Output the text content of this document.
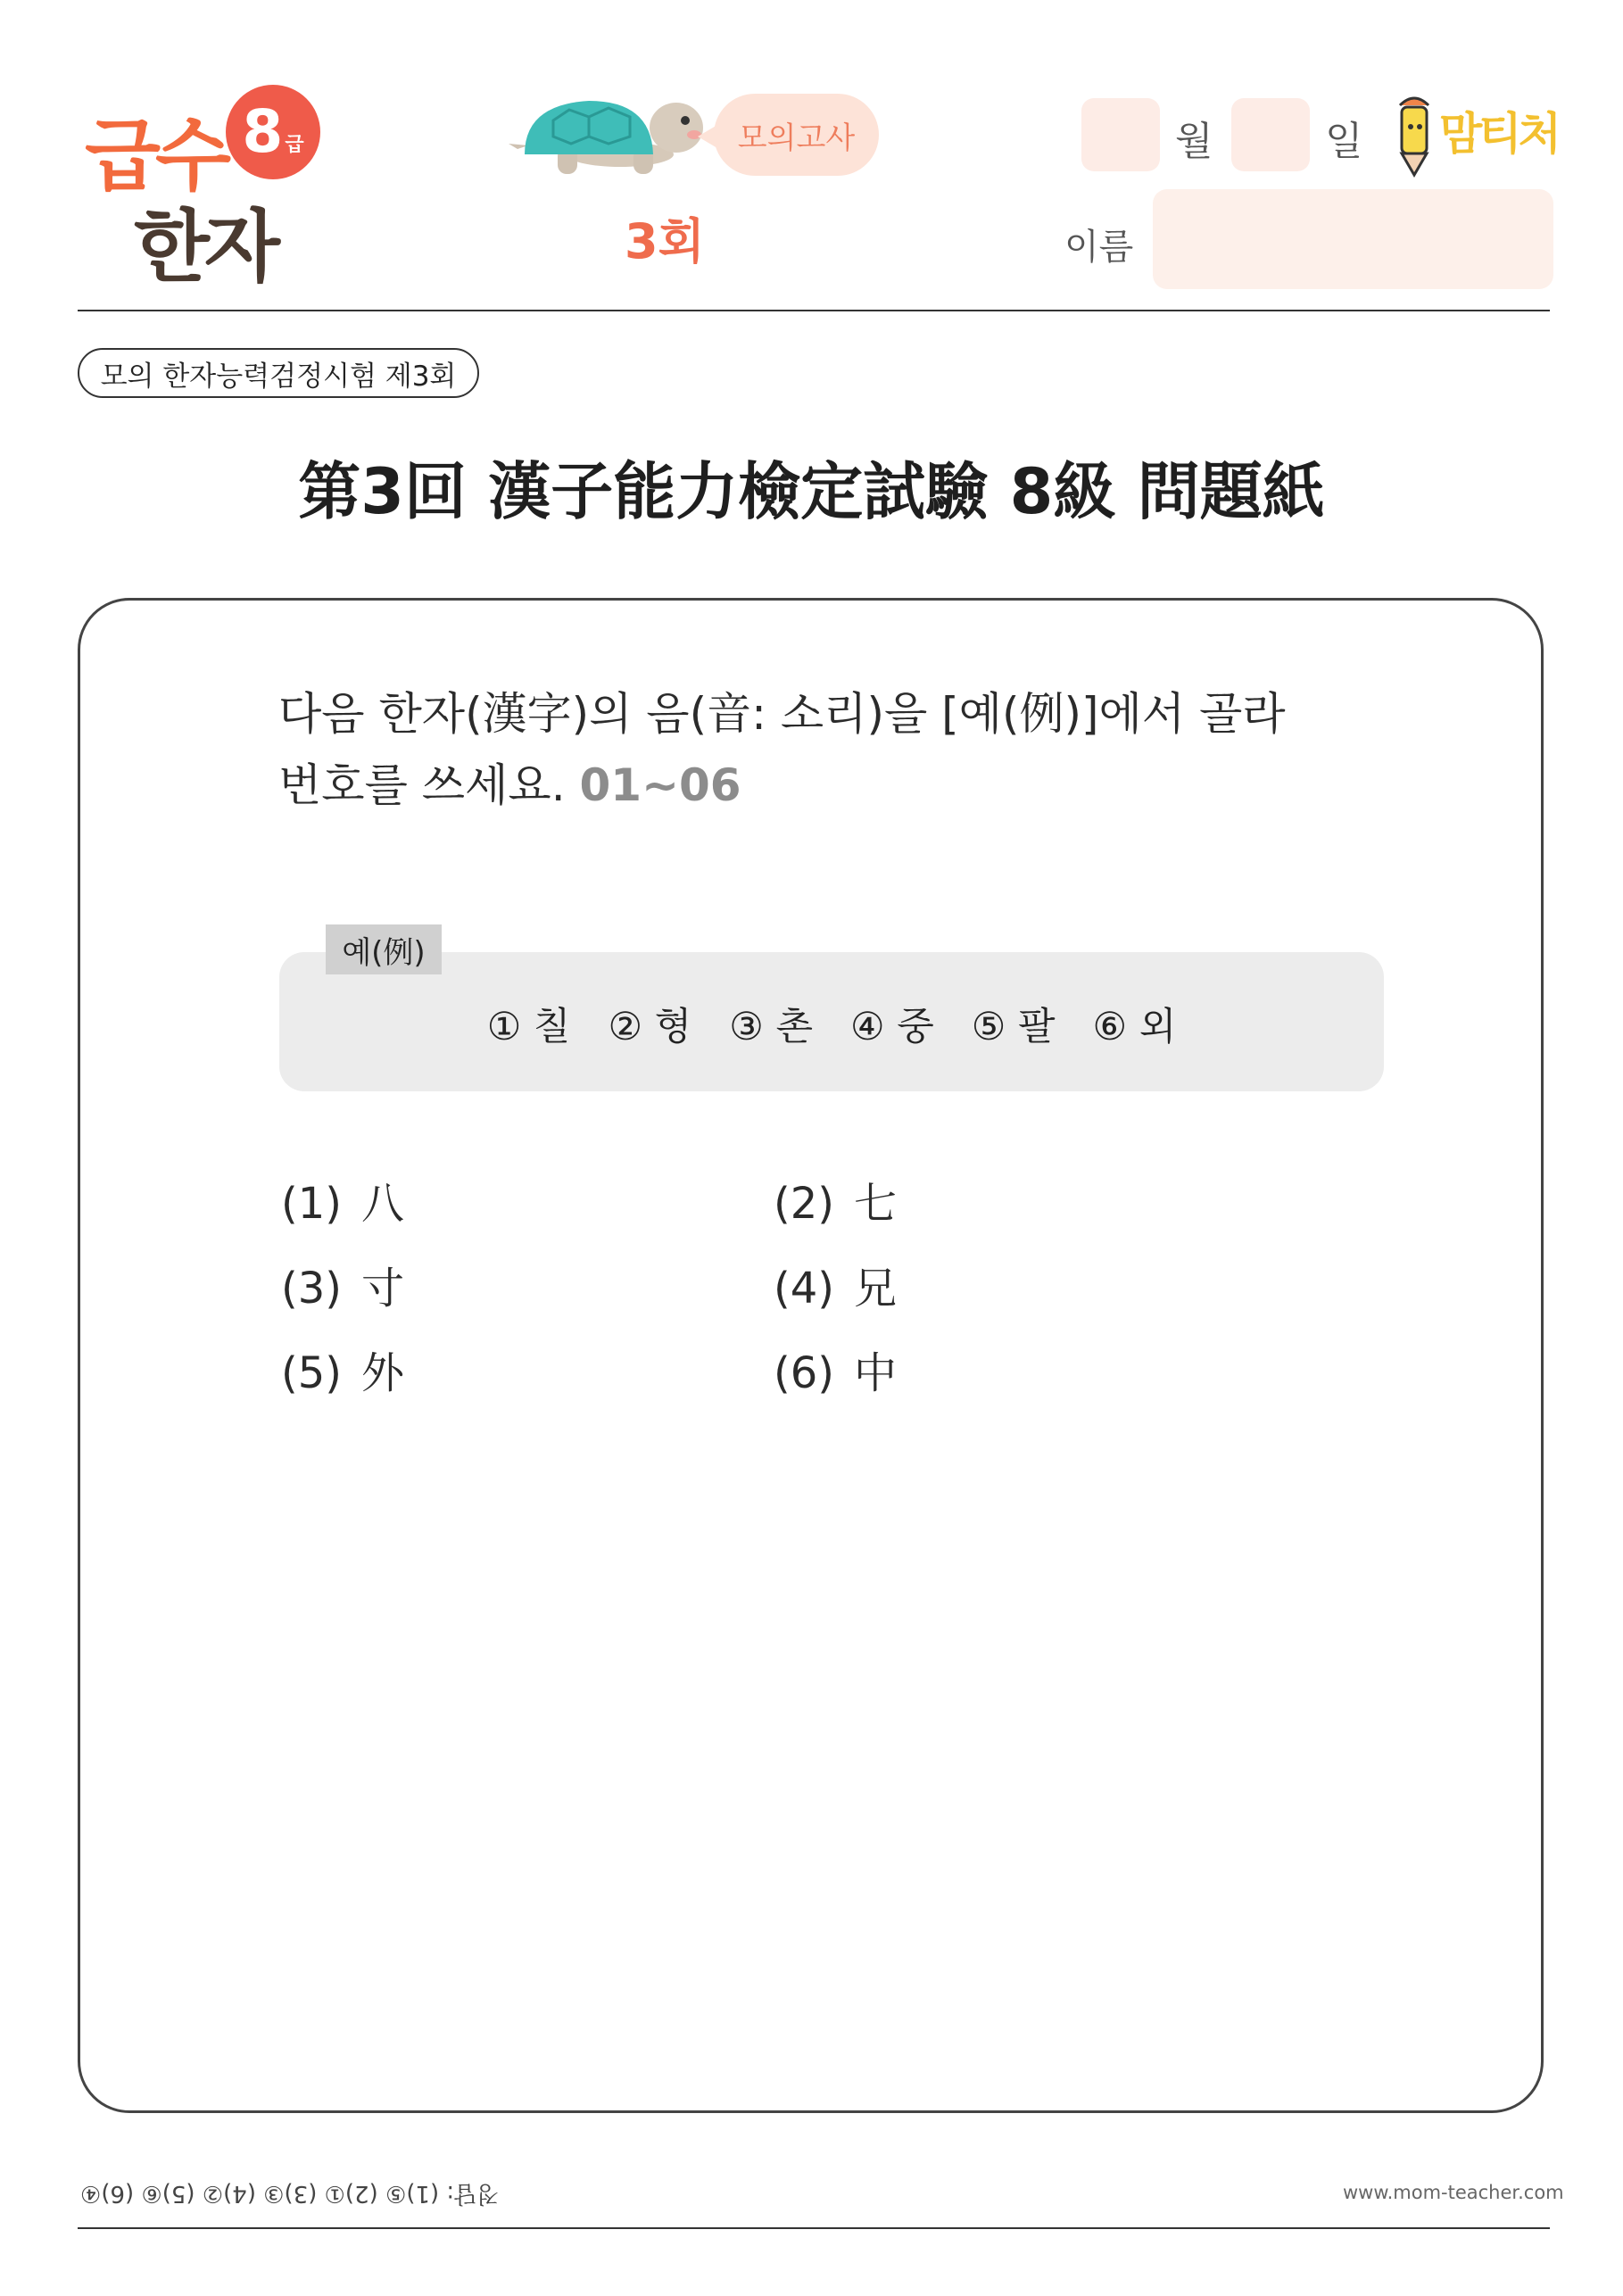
급수 8 급
한자
모의고사
3회
월	일 맘티처
이름
모의 한자능력검정시험 제3회
第3回 漢子能力檢定試驗 8級 問題紙
다음 한자(漢字)의 음(音: 소리)을 [예(例)]에서 골라
번호를 쓰세요. 01~06
예(例)
① 칠 ② 형 ③ 촌 ④ 중 ⑤ 팔 ⑥ 외
(1) 八	(2) 七
(3) 寸	(4) 兄
(5) 外	(6) 中
정답: (1)⑤ (2)① (3)③ (4)② (5)⑥ (6)④	www.mom-teacher.com
